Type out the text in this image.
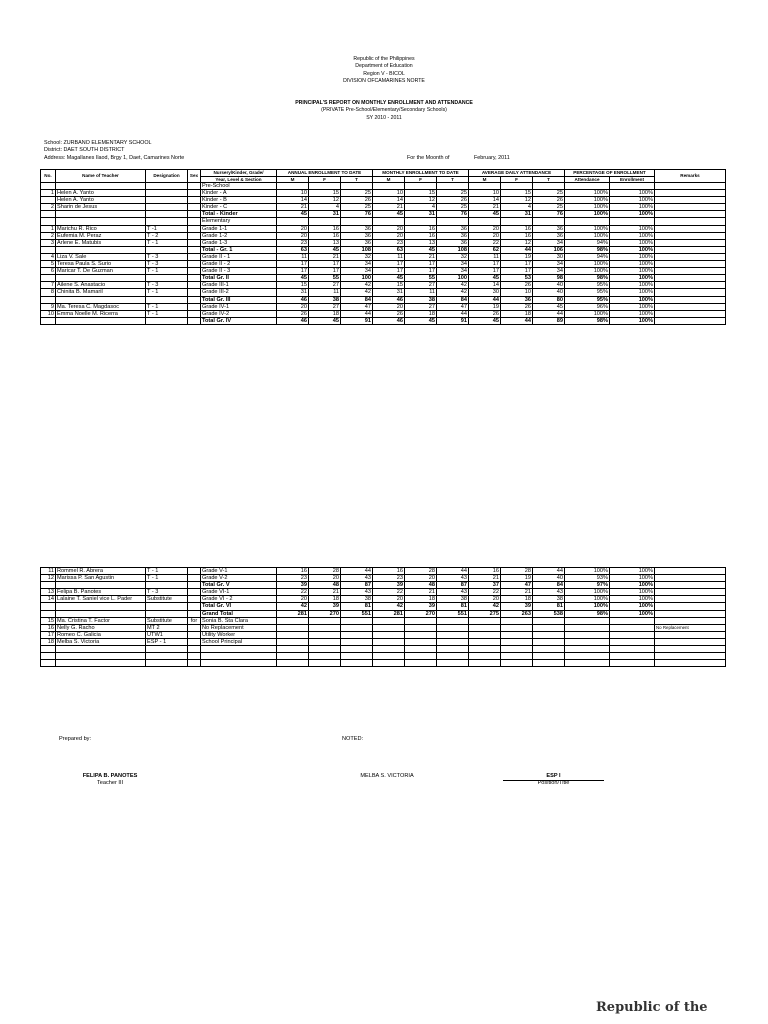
Republic of the Philippines
Department of Education
Region V - BICOL
DIVISION OFCAMARINES NORTE
PRINCIPAL'S REPORT ON MONTHLY ENROLLMENT AND ATTENDANCE
(PRIVATE Pre-School/Elementary/Secondary Schools)
SY 2010 - 2011
School: ZURBANO ELEMENTARY SCHOOL
District: DAET SOUTH DISTRICT
Address: Magallanes Ilaod, Brgy 1, Daet, Camarines Norte	For the Moonth of	February, 2011
No.	Name of Teacher	Designation	Sex	Nursery/Kinder, Grade/	ANNUAL ENROLLMENT TO DATE			MONTHLY ENROLLMENT TO DATE			AVERAGE DAILY ATTENDANCE			PERCENTAGE OF ENROLLMENT		Remarks
				Year, Level & Section	M	F	T	M	F	T	M	F	T	Attendance	Enrollment	
				Pre-School												
1	Helen A. Yanto			Kinder - A	10	15	25	10	15	25	10	15	25	100%	100%	
	Helen A. Yanto			Kinder - B	14	12	26	14	12	26	14	12	26	100%	100%	
2	Sharin de Jesus			Kinder - C	21	4	25	21	4	25	21	4	25	100%	100%	
				Total - Kinder	45	31	76	45	31	76	45	31	76	100%	100%	
				Elementary												
1	Marichu R. Rico	T -1		Grade 1-1	20	16	36	20	16	36	20	16	36	100%	100%	
2	Eufemia M. Peraz	T - 2		Grade 1-2	20	16	36	20	16	36	20	16	36	100%	100%	
3	Arlene E. Matubis	T - 1		Grade 1-3	23	13	36	23	13	36	22	12	34	94%	100%	
				Total - Gr. 1	63	45	108	63	45	108	62	44	106	98%	100%	
4	Liza V. Sale	T - 3		Grade II - 1	11	21	32	11	21	32	11	19	30	94%	100%	
5	Teresa Paula S. Surio	T - 3		Grade II - 2	17	17	34	17	17	34	17	17	34	100%	100%	
6	Maricar T. De Guzman	T - 1		Grade II - 3	17	17	34	17	17	34	17	17	34	100%	100%	
				Total Gr. II	45	55	100	45	55	100	45	53	98	98%	100%	
7	Ailene S. Anastacio	T - 3		Grade III-1	15	27	42	15	27	42	14	26	40	95%	100%	
8	Chinita B. Mamaril	T - 1		Grade III-2	31	11	42	31	11	42	30	10	40	95%	100%	
				Total Gr. III	46	38	84	46	38	84	44	36	80	95%	100%	
9	Ma. Teresa C. Magdasoc	T - 1		Grade IV-1	20	27	47	20	27	47	19	26	45	96%	100%	
10	Emma Noelle M. Ricerra	T - 1		Grade IV-2	26	18	44	26	18	44	26	18	44	100%	100%	
				Total Gr. IV	46	45	91	46	45	91	45	44	89	98%	100%	
11	Rommel R. Abrera	T - 1		Grade V-1	16	28	44	16	28	44	16	28	44	100%	100%	
12	Marissa P. San Agustin	T - 1		Grade V-2	23	20	43	23	20	43	21	19	40	93%	100%	
				Total Gr. V	39	48	87	39	48	87	37	47	84	97%	100%	
13	Felipa B. Panotes	T - 3		Grade VI-1	22	21	43	22	21	43	22	21	43	100%	100%	
14	Lalaine T. Saniel vice L. Pader	Substitute		Grade VI - 2	20	18	38	20	18	38	20	18	38	100%	100%	
				Total Gr. VI	42	39	81	42	39	81	42	39	81	100%	100%	
				Grand Total	281	270	551	281	270	551	275	263	538	98%	100%	
15	Ma. Cristina T. Factor	Substitute	for	Sonia B. Sta Clara												
16	Nelly G. Racho	MT 2		No Replacement												No Replacement
17	Romeo C. Galicia	UTW1		Utility Worker												
18	Melba S. Victoria	ESP - 1		School Principal												

Prepared by:	NOTED:
FELIPA B. PANOTES
Teacher III
MELBA S. VICTORIA	ESP I
Position/Title
Republic of the
